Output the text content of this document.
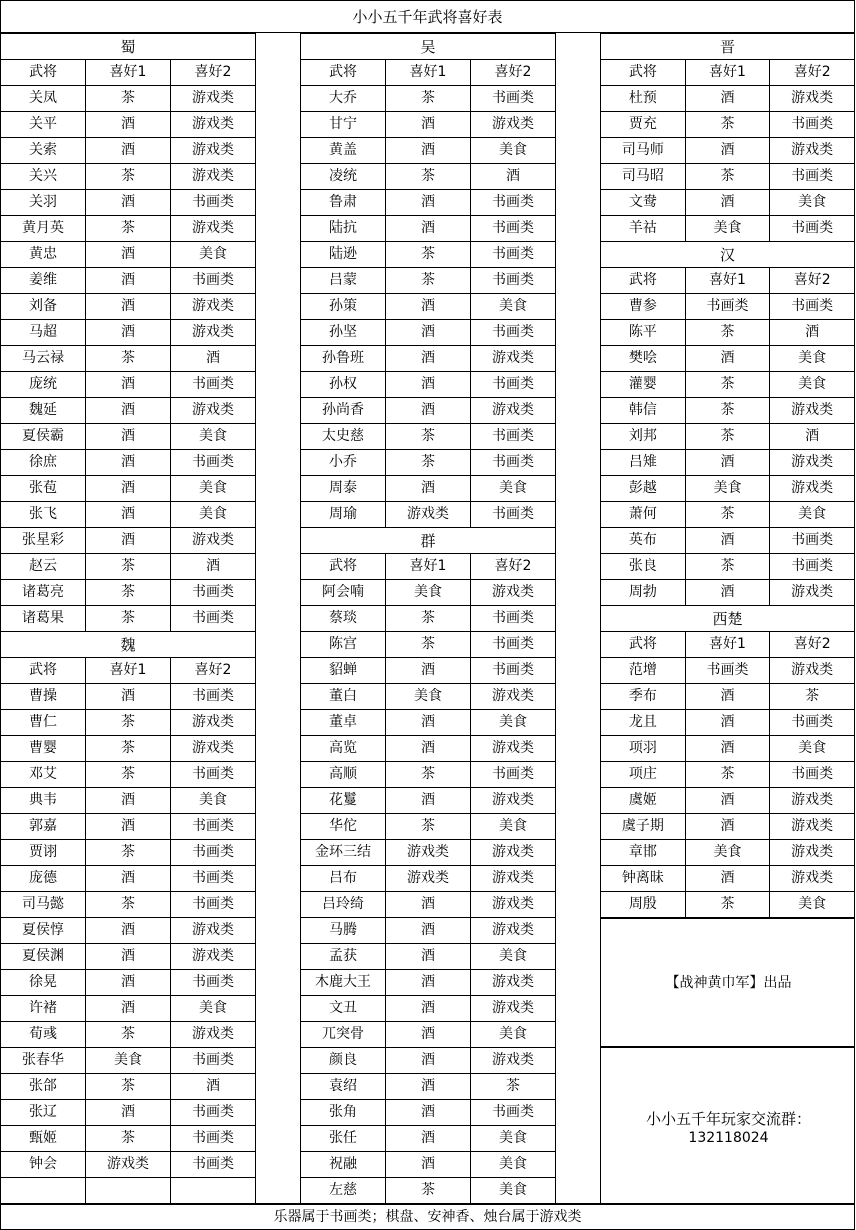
小小五千年武将喜好表
蜀
武将	喜好1	喜好2
关凤	茶	游戏类
关平	酒	游戏类
关索	酒	游戏类
关兴	茶	游戏类
关羽	酒	书画类
黄月英	茶	游戏类
黄忠	酒	美食
姜维	酒	书画类
刘备	酒	游戏类
马超	酒	游戏类
马云禄	茶	酒
庞统	酒	书画类
魏延	酒	游戏类
夏侯霸	酒	美食
徐庶	酒	书画类
张苞	酒	美食
张飞	酒	美食
张星彩	酒	游戏类
赵云	茶	酒
诸葛亮	茶	书画类
诸葛果	茶	书画类
魏
武将	喜好1	喜好2
曹操	酒	书画类
曹仁	茶	游戏类
曹婴	茶	游戏类
邓艾	茶	书画类
典韦	酒	美食
郭嘉	酒	书画类
贾诩	茶	书画类
庞德	酒	书画类
司马懿	茶	书画类
夏侯惇	酒	游戏类
夏侯渊	酒	游戏类
徐晃	酒	书画类
许褚	酒	美食
荀彧	茶	游戏类
张春华	美食	书画类
张郃	茶	酒
张辽	酒	书画类
甄姬	茶	书画类
钟会	游戏类	书画类
吴
武将	喜好1	喜好2
大乔	茶	书画类
甘宁	酒	游戏类
黄盖	酒	美食
凌统	茶	酒
鲁肃	酒	书画类
陆抗	酒	书画类
陆逊	茶	书画类
吕蒙	茶	书画类
孙策	酒	美食
孙坚	酒	书画类
孙鲁班	酒	游戏类
孙权	酒	书画类
孙尚香	酒	游戏类
太史慈	茶	书画类
小乔	茶	书画类
周泰	酒	美食
周瑜	游戏类	书画类
群
武将	喜好1	喜好2
阿会喃	美食	游戏类
蔡琰	茶	书画类
陈宫	茶	书画类
貂蝉	酒	书画类
董白	美食	游戏类
董卓	酒	美食
高览	酒	游戏类
高顺	茶	书画类
花鬘	酒	游戏类
华佗	茶	美食
金环三结	游戏类	游戏类
吕布	游戏类	游戏类
吕玲绮	酒	游戏类
马腾	酒	游戏类
孟获	酒	美食
木鹿大王	酒	游戏类
文丑	酒	游戏类
兀突骨	酒	美食
颜良	酒	游戏类
袁绍	酒	茶
张角	酒	书画类
张任	酒	美食
祝融	酒	美食
左慈	茶	美食
晋
武将	喜好1	喜好2
杜预	酒	游戏类
贾充	茶	书画类
司马师	酒	游戏类
司马昭	茶	书画类
文鸯	酒	美食
羊祜	美食	书画类
汉
武将	喜好1	喜好2
曹参	书画类	书画类
陈平	茶	酒
樊哙	酒	美食
灌婴	茶	美食
韩信	茶	游戏类
刘邦	茶	酒
吕雉	酒	游戏类
彭越	美食	游戏类
萧何	茶	美食
英布	酒	书画类
张良	茶	书画类
周勃	酒	游戏类
西楚
武将	喜好1	喜好2
范增	书画类	游戏类
季布	酒	茶
龙且	酒	书画类
项羽	酒	美食
项庄	茶	书画类
虞姬	酒	游戏类
虞子期	酒	游戏类
章邯	美食	游戏类
钟离昧	酒	游戏类
周殷	茶	美食
【战神黄巾军】出品
小小五千年玩家交流群：
132118024
乐器属于书画类；棋盘、安神香、烛台属于游戏类
